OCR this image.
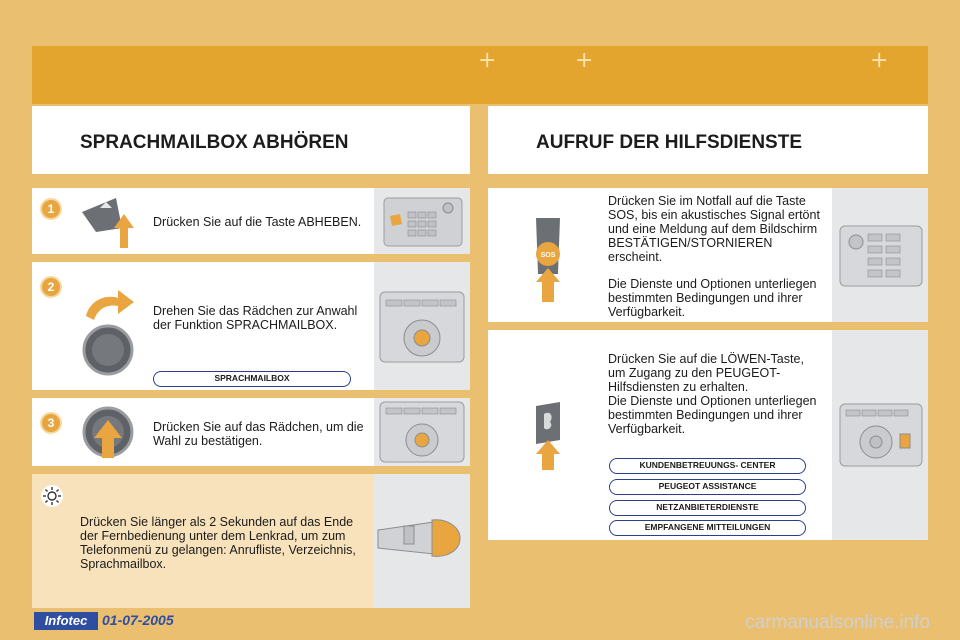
+	+	+
SPRACHMAILBOX ABHÖREN	AUFRUF DER HILFSDIENSTE
1
Drücken Sie auf die Taste ABHEBEN.
2
Drehen Sie das Rädchen zur Anwahl
der Funktion SPRACHMAILBOX.
SPRACHMAILBOX
3	Drücken Sie auf das Rädchen, um die
Wahl zu bestätigen.
Drücken Sie länger als 2 Sekunden auf das Ende
der Fernbedienung unter dem Lenkrad, um zum
Telefonmenü zu gelangen: Anrufliste, Verzeichnis,
Sprachmailbox.
SOS
Drücken Sie im Notfall auf die Taste
SOS, bis ein akustisches Signal ertönt
und eine Meldung auf dem Bildschirm
BESTÄTIGEN/STORNIEREN
erscheint.
Die Dienste und Optionen unterliegen
bestimmten Bedingungen und ihrer
Verfügbarkeit.
Drücken Sie auf die LÖWEN-Taste,
um Zugang zu den PEUGEOT-
Hilfsdiensten zu erhalten.
Die Dienste und Optionen unterliegen
bestimmten Bedingungen und ihrer
Verfügbarkeit.
KUNDENBETREUUNGS- CENTER
PEUGEOT ASSISTANCE
NETZANBIETERDIENSTE
EMPFANGENE MITTEILUNGEN
Infotec	01-07-2005	carmanualsonline.info
